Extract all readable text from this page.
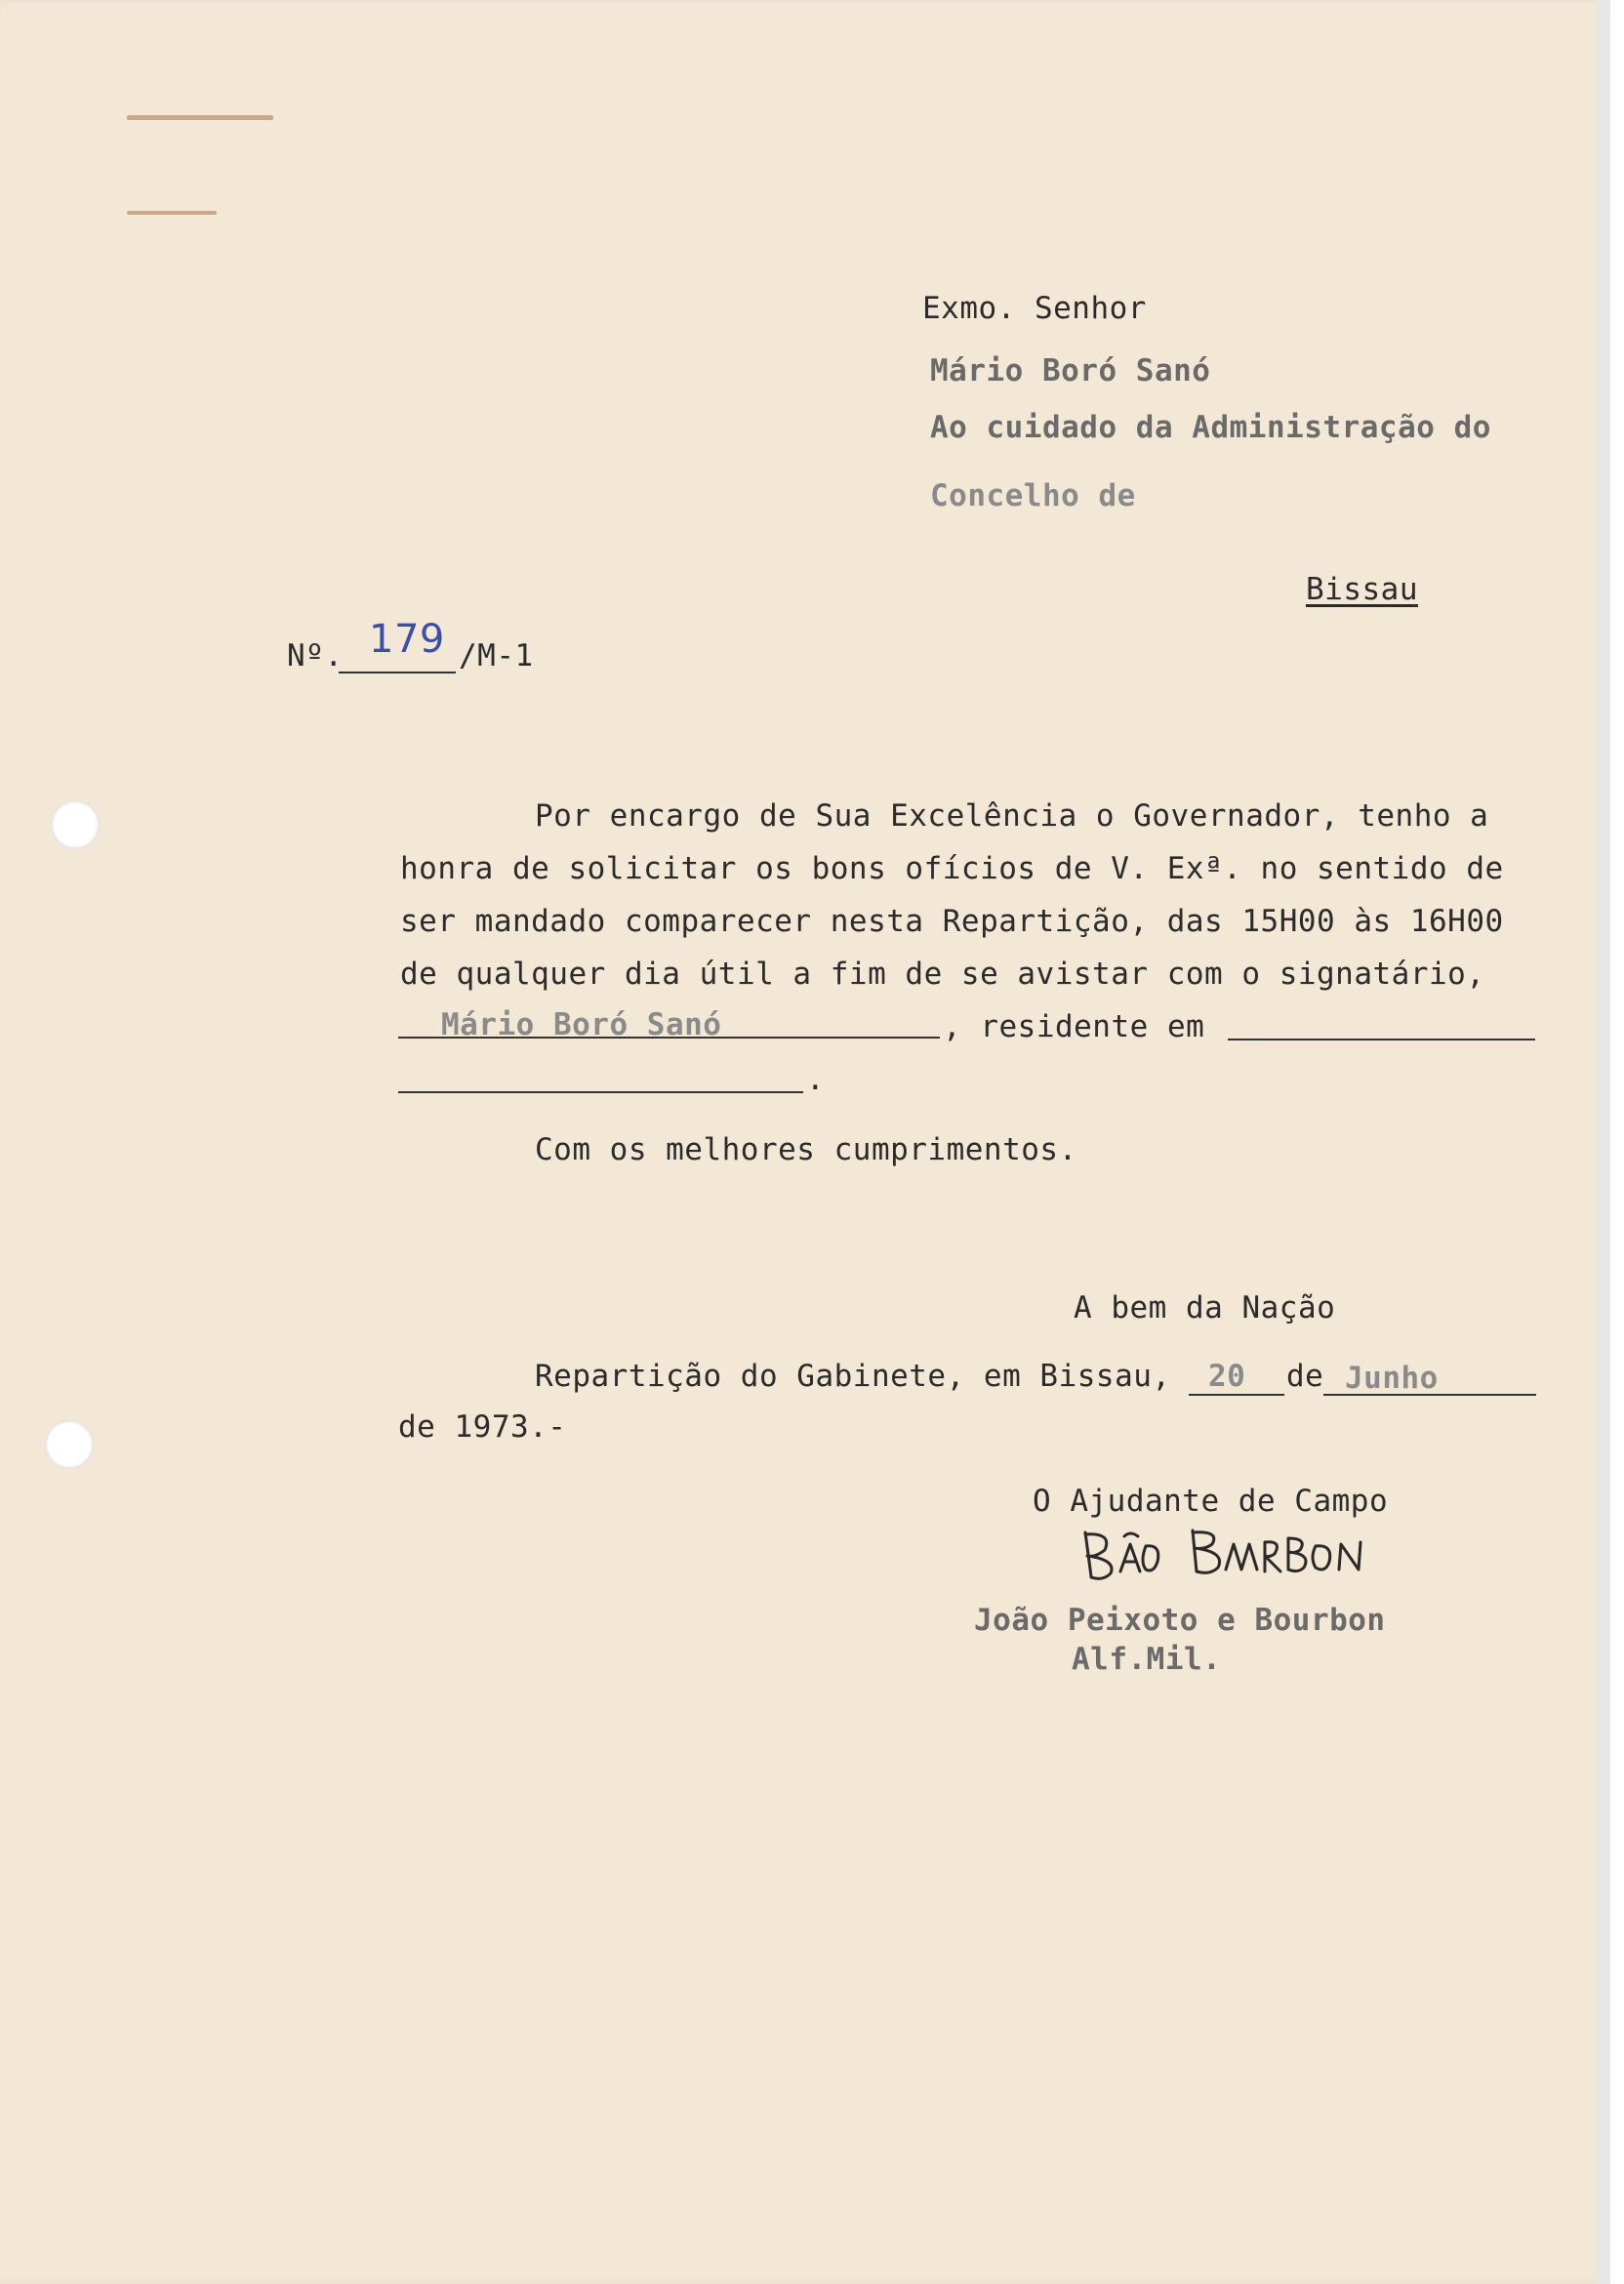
Exmo. Senhor
Mário Boró Sanó
Ao cuidado da Administração do
Concelho de
Bissau
Nº. 179 /M-1
Por encargo de Sua Excelência o Governador, tenho a
honra de solicitar os bons ofícios de V. Exª. no sentido de
ser mandado comparecer nesta Repartição, das 15H00 às 16H00
de qualquer dia útil a fim de se avistar com o signatário,
Mário Boró Sanó	, residente em
.
Com os melhores cumprimentos.
A bem da Nação
Repartição do Gabinete, em Bissau, 20 de Junho
de 1973.-
O Ajudante de Campo
João Peixoto e Bourbon
Alf.Mil.
